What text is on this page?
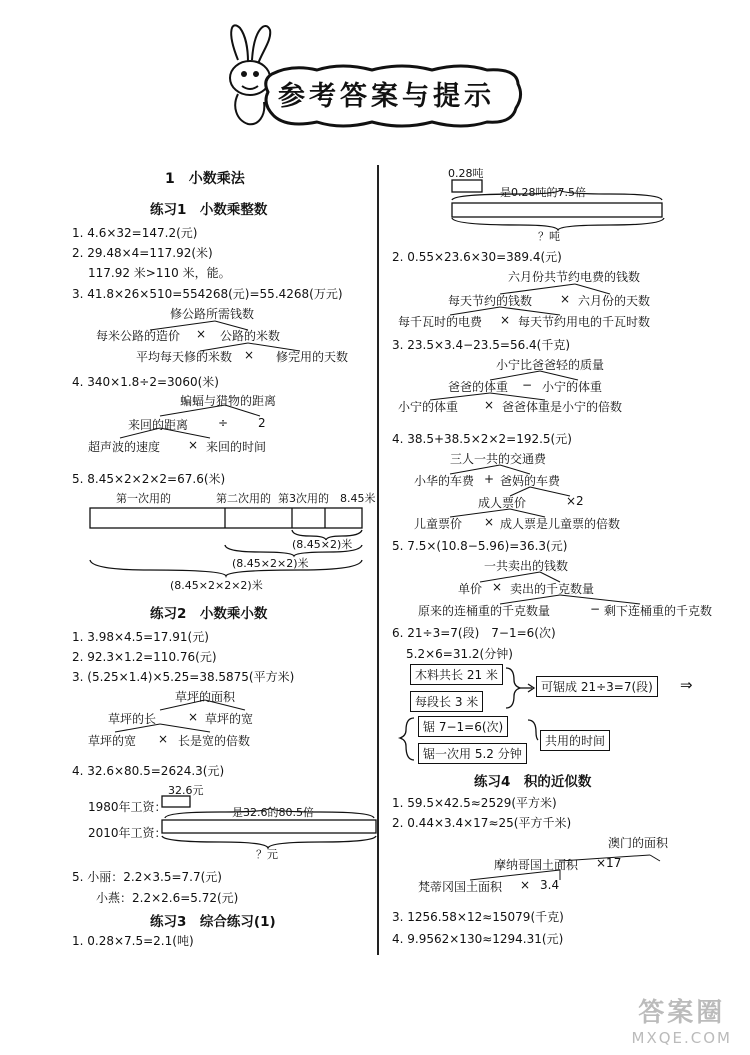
参考答案与提示
1　小数乘法
练习1　小数乘整数
1. 4.6×32=147.2(元)
2. 29.48×4=117.92(米)
117.92 米>110 米，能。
3. 41.8×26×510=554268(元)=55.4268(万元)
修公路所需钱数
每米公路的造价 × 公路的米数
平均每天修的米数 × 修完用的天数
4. 340×1.8÷2=3060(米)
蝙蝠与猎物的距离
来回的距离 ÷ 2
超声波的速度 × 来回的时间
5. 8.45×2×2×2=67.6(米)
第一次用的	第二次用的 第3次用的 8.45米
(8.45×2)米
(8.45×2×2)米
(8.45×2×2×2)米
练习2　小数乘小数
1. 3.98×4.5=17.91(元)
2. 92.3×1.2=110.76(元)
3. (5.25×1.4)×5.25=38.5875(平方米)
草坪的面积
草坪的长	× 草坪的宽
草坪的宽 × 长是宽的倍数
4. 32.6×80.5=2624.3(元)
32.6元
1980年工资：
2010年工资：
是32.6的80.5倍
？元
5. 小丽：2.2×3.5=7.7(元)
小燕：2.2×2.6=5.72(元)
练习3　综合练习(1)
1. 0.28×7.5=2.1(吨)
0.28吨
是0.28吨的7.5倍
？吨
2. 0.55×23.6×30=389.4(元)
六月份共节约电费的钱数
每天节约的钱数 × 六月份的天数
每千瓦时的电费 × 每天节约用电的千瓦时数
3. 23.5×3.4−23.5=56.4(千克)
小宁比爸爸轻的质量
爸爸的体重 − 小宁的体重
小宁的体重 × 爸爸体重是小宁的倍数
4. 38.5+38.5×2×2=192.5(元)
三人一共的交通费
小华的车费 + 爸妈的车费
成人票价	×2
儿童票价 × 成人票是儿童票的倍数
5. 7.5×(10.8−5.96)=36.3(元)
一共卖出的钱数
单价 × 卖出的千克数量
原来的连桶重的千克数量	− 剩下连桶重的千克数
6. 21÷3=7(段)　7−1=6(次)
5.2×6=31.2(分钟)
木料共长 21 米
每段长 3 米
可锯成 21÷3=7(段)	⇒
锯 7−1=6(次)
锯一次用 5.2 分钟
共用的时间
练习4　积的近似数
1. 59.5×42.5≈2529(平方米)
2. 0.44×3.4×17≈25(平方千米)
澳门的面积
摩纳哥国土面积 ×17
梵蒂冈国土面积 × 3.4
3. 1256.58×12≈15079(千克)
4. 9.9562×130≈1294.31(元)
答案圈
MXQE.COM
